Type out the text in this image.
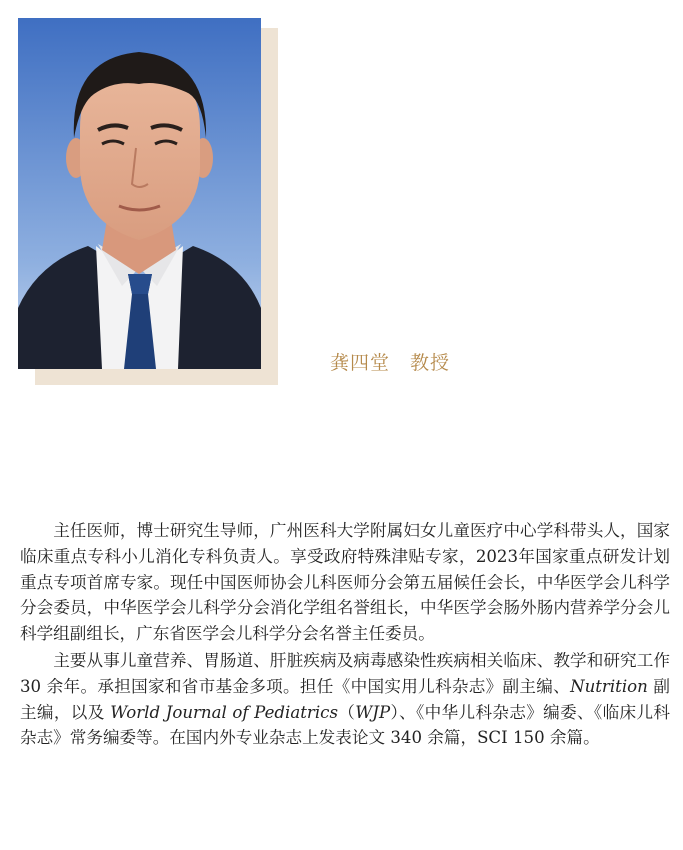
龚四堂 教授

主任医师，博士研究生导师，广州医科大学附属妇女儿童医疗中心学科带头人，国家临床重点专科小儿消化专科负责人。享受政府特殊津贴专家，2023年国家重点研发计划重点专项首席专家。现任中国医师协会儿科医师分会第五届候任会长，中华医学会儿科学分会委员，中华医学会儿科学分会消化学组名誉组长，中华医学会肠外肠内营养学分会儿科学组副组长，广东省医学会儿科学分会名誉主任委员。

主要从事儿童营养、胃肠道、肝脏疾病及病毒感染性疾病相关临床、教学和研究工作 30 余年。承担国家和省市基金多项。担任《中国实用儿科杂志》副主编、Nutrition 副主编，以及 World Journal of Pediatrics（WJP）、《中华儿科杂志》编委、《临床儿科杂志》常务编委等。在国内外专业杂志上发表论文 340 余篇，SCI 150 余篇。
